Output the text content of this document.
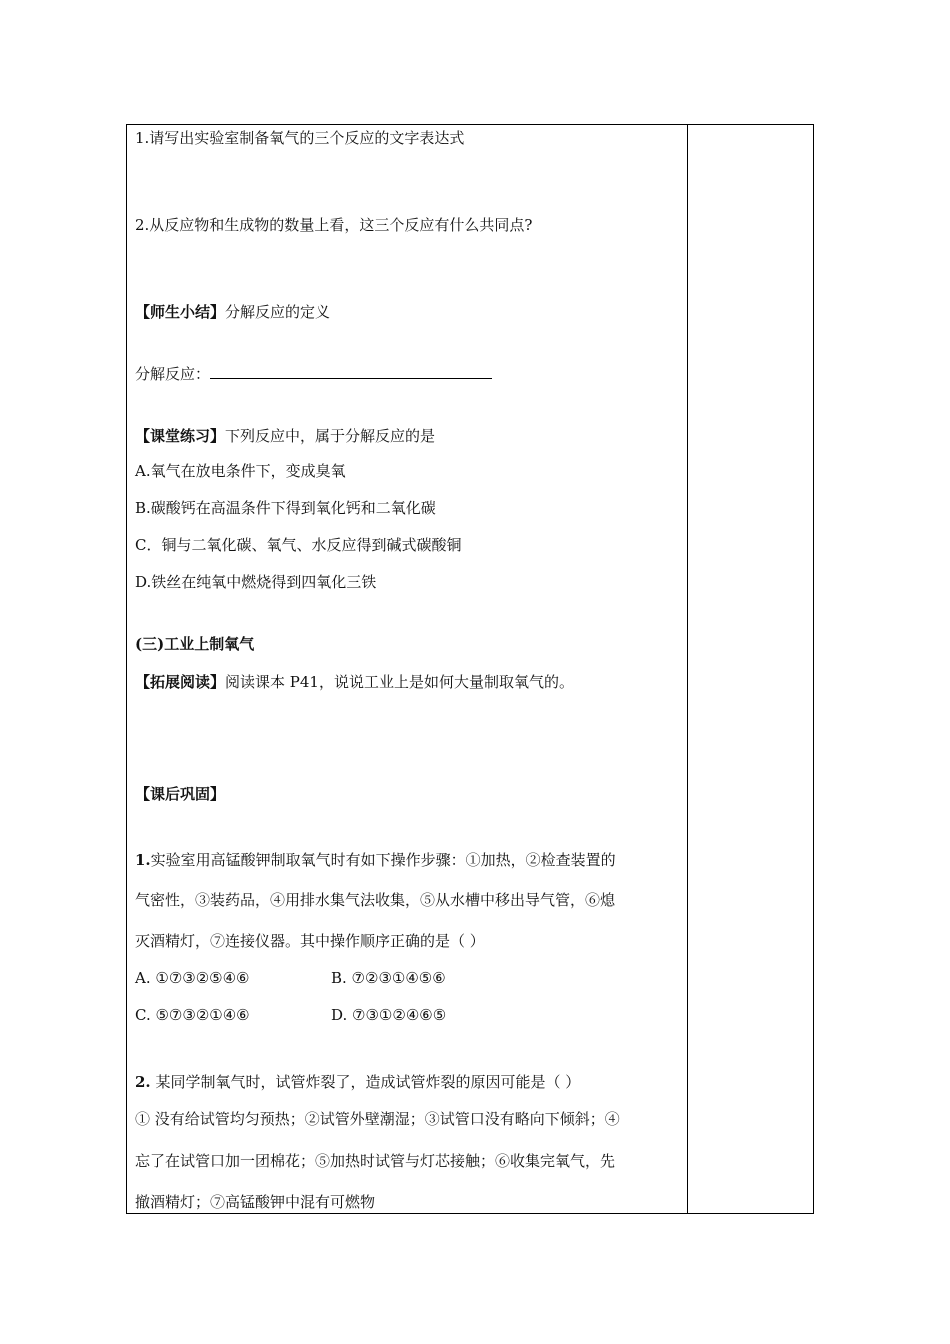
1.请写出实验室制备氧气的三个反应的文字表达式
2.从反应物和生成物的数量上看，这三个反应有什么共同点?
【师生小结】分解反应的定义
分解反应：
【课堂练习】下列反应中，属于分解反应的是
A.氧气在放电条件下，变成臭氧
B.碳酸钙在高温条件下得到氧化钙和二氧化碳
C．铜与二氧化碳、氧气、水反应得到碱式碳酸铜
D.铁丝在纯氧中燃烧得到四氧化三铁
(三)工业上制氧气
【拓展阅读】阅读课本 P41，说说工业上是如何大量制取氧气的。
【课后巩固】
1.实验室用高锰酸钾制取氧气时有如下操作步骤：①加热，②检查装置的
气密性，③装药品，④用排水集气法收集，⑤从水槽中移出导气管，⑥熄
灭酒精灯，⑦连接仪器。其中操作顺序正确的是（ ）
A. ①⑦③②⑤④⑥	B. ⑦②③①④⑤⑥
C. ⑤⑦③②①④⑥	D. ⑦③①②④⑥⑤
2. 某同学制氧气时，试管炸裂了，造成试管炸裂的原因可能是（ ）
① 没有给试管均匀预热；②试管外壁潮湿；③试管口没有略向下倾斜；④
忘了在试管口加一团棉花；⑤加热时试管与灯芯接触；⑥收集完氧气，先
撤酒精灯；⑦高锰酸钾中混有可燃物
